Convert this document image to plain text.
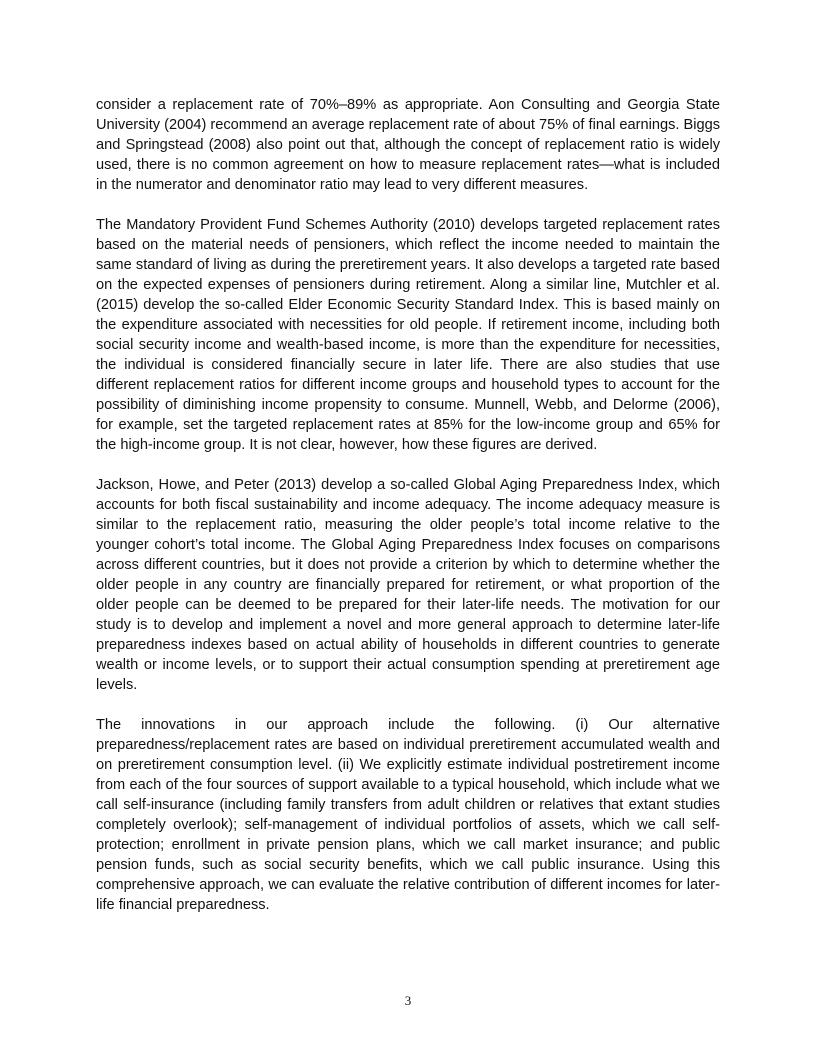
consider a replacement rate of 70%–89% as appropriate. Aon Consulting and Georgia State University (2004) recommend an average replacement rate of about 75% of final earnings. Biggs and Springstead (2008) also point out that, although the concept of replacement ratio is widely used, there is no common agreement on how to measure replacement rates—what is included in the numerator and denominator ratio may lead to very different measures.

The Mandatory Provident Fund Schemes Authority (2010) develops targeted replacement rates based on the material needs of pensioners, which reflect the income needed to maintain the same standard of living as during the preretirement years. It also develops a targeted rate based on the expected expenses of pensioners during retirement. Along a similar line, Mutchler et al. (2015) develop the so-called Elder Economic Security Standard Index. This is based mainly on the expenditure associated with necessities for old people. If retirement income, including both social security income and wealth-based income, is more than the expenditure for necessities, the individual is considered financially secure in later life. There are also studies that use different replacement ratios for different income groups and household types to account for the possibility of diminishing income propensity to consume. Munnell, Webb, and Delorme (2006), for example, set the targeted replacement rates at 85% for the low-income group and 65% for the high-income group. It is not clear, however, how these figures are derived.

Jackson, Howe, and Peter (2013) develop a so-called Global Aging Preparedness Index, which accounts for both fiscal sustainability and income adequacy. The income adequacy measure is similar to the replacement ratio, measuring the older people’s total income relative to the younger cohort’s total income. The Global Aging Preparedness Index focuses on comparisons across different countries, but it does not provide a criterion by which to determine whether the older people in any country are financially prepared for retirement, or what proportion of the older people can be deemed to be prepared for their later-life needs. The motivation for our study is to develop and implement a novel and more general approach to determine later-life preparedness indexes based on actual ability of households in different countries to generate wealth or income levels, or to support their actual consumption spending at preretirement age levels.

The innovations in our approach include the following. (i) Our alternative preparedness/replacement rates are based on individual preretirement accumulated wealth and on preretirement consumption level. (ii) We explicitly estimate individual postretirement income from each of the four sources of support available to a typical household, which include what we call self-insurance (including family transfers from adult children or relatives that extant studies completely overlook); self-management of individual portfolios of assets, which we call self-protection; enrollment in private pension plans, which we call market insurance; and public pension funds, such as social security benefits, which we call public insurance. Using this comprehensive approach, we can evaluate the relative contribution of different incomes for later-life financial preparedness.

3
